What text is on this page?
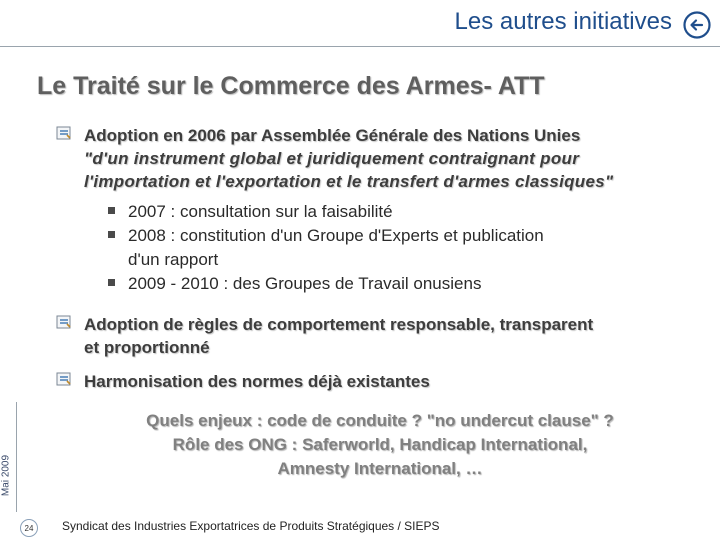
Les autres initiatives
Le Traité sur le Commerce des Armes- ATT
Adoption en 2006 par Assemblée Générale des Nations Unies
"d'un instrument global et juridiquement contraignant pour
l'importation et l'exportation et le transfert d'armes classiques"
2007 : consultation sur la faisabilité
2008 : constitution d'un Groupe d'Experts et publication
d'un rapport
2009 - 2010 : des Groupes de Travail onusiens
Adoption de règles de comportement responsable, transparent
et proportionné
Harmonisation des normes déjà existantes
Quels enjeux : code de conduite ? "no undercut clause" ?
Rôle des ONG : Saferworld, Handicap International,
Amnesty International, …
Mai 2009
24	Syndicat des Industries Exportatrices de Produits Stratégiques / SIEPS
